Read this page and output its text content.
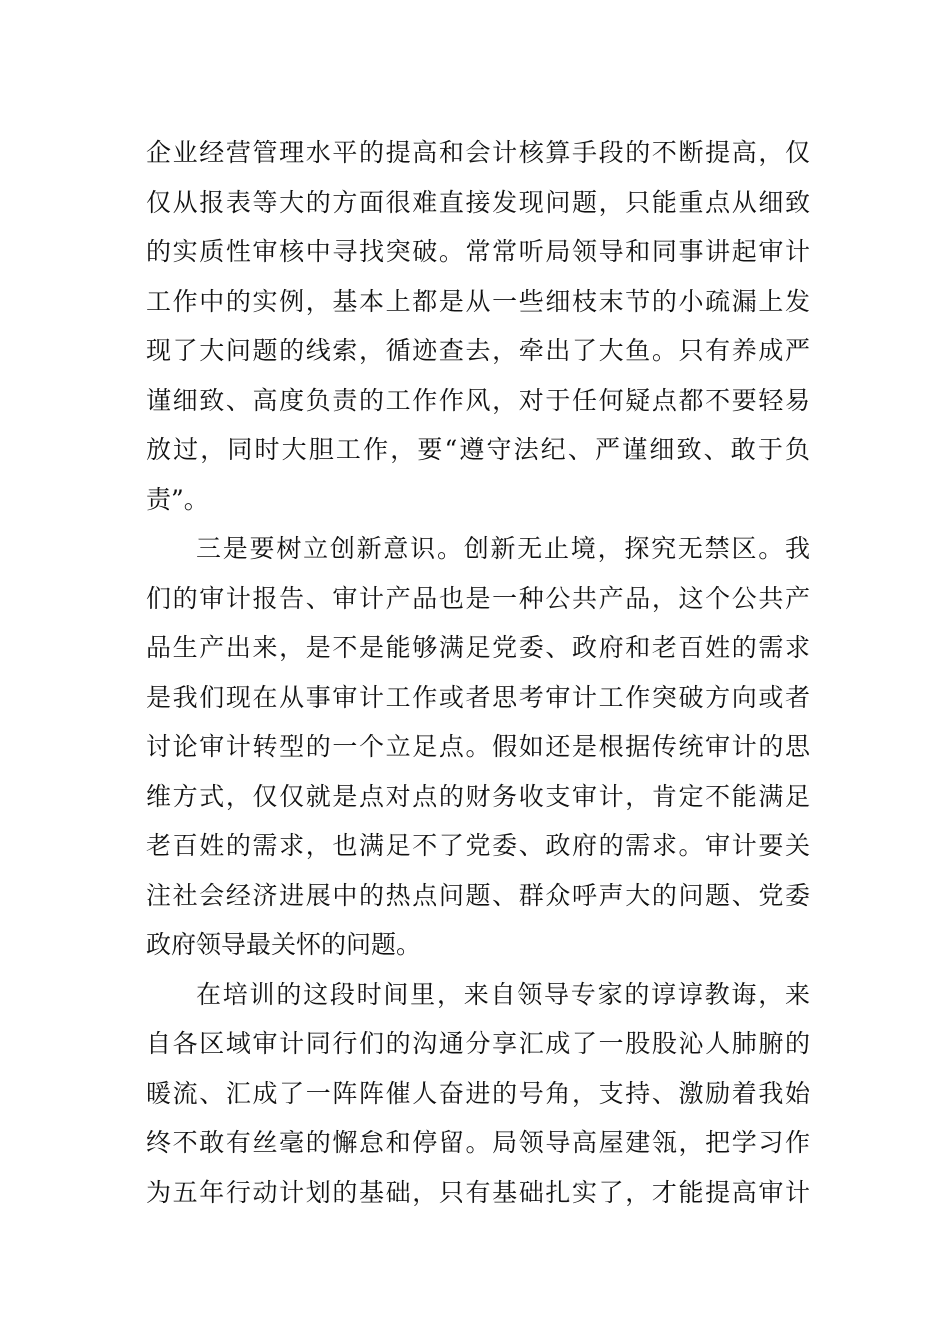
企业经营管理水平的提高和会计核算手段的不断提高，仅
仅从报表等大的方面很难直接发现问题，只能重点从细致
的实质性审核中寻找突破。常常听局领导和同事讲起审计
工作中的实例，基本上都是从一些细枝末节的小疏漏上发
现了大问题的线索，循迹查去，牵出了大鱼。只有养成严
谨细致、高度负责的工作作风，对于任何疑点都不要轻易
放过，同时大胆工作，要“遵守法纪、严谨细致、敢于负
责”。
三是要树立创新意识。创新无止境，探究无禁区。我
们的审计报告、审计产品也是一种公共产品，这个公共产
品生产出来，是不是能够满足党委、政府和老百姓的需求
是我们现在从事审计工作或者思考审计工作突破方向或者
讨论审计转型的一个立足点。假如还是根据传统审计的思
维方式，仅仅就是点对点的财务收支审计，肯定不能满足
老百姓的需求，也满足不了党委、政府的需求。审计要关
注社会经济进展中的热点问题、群众呼声大的问题、党委
政府领导最关怀的问题。
在培训的这段时间里，来自领导专家的谆谆教诲，来
自各区域审计同行们的沟通分享汇成了一股股沁人肺腑的
暖流、汇成了一阵阵催人奋进的号角，支持、激励着我始
终不敢有丝毫的懈怠和停留。局领导高屋建瓴，把学习作
为五年行动计划的基础，只有基础扎实了，才能提高审计
